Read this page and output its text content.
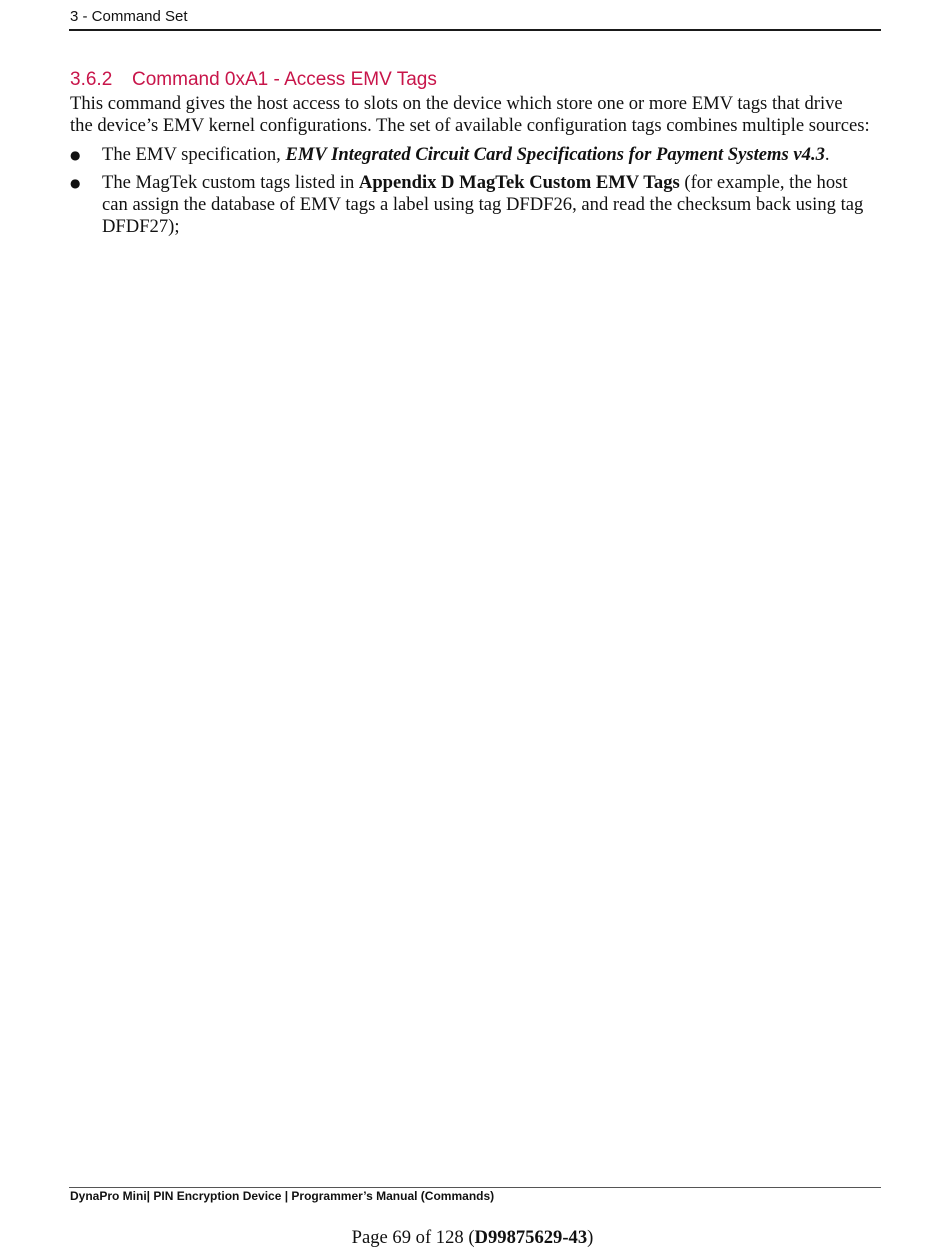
3 - Command Set
3.6.2 Command 0xA1 - Access EMV Tags

This command gives the host access to slots on the device which store one or more EMV tags that drive the device’s EMV kernel configurations. The set of available configuration tags combines multiple sources:

● The EMV specification, EMV Integrated Circuit Card Specifications for Payment Systems v4.3.
● The MagTek custom tags listed in Appendix D MagTek Custom EMV Tags (for example, the host can assign the database of EMV tags a label using tag DFDF26, and read the checksum back using tag DFDF27);
DynaPro Mini| PIN Encryption Device | Programmer’s Manual (Commands)
Page 69 of 128 (D99875629-43)
